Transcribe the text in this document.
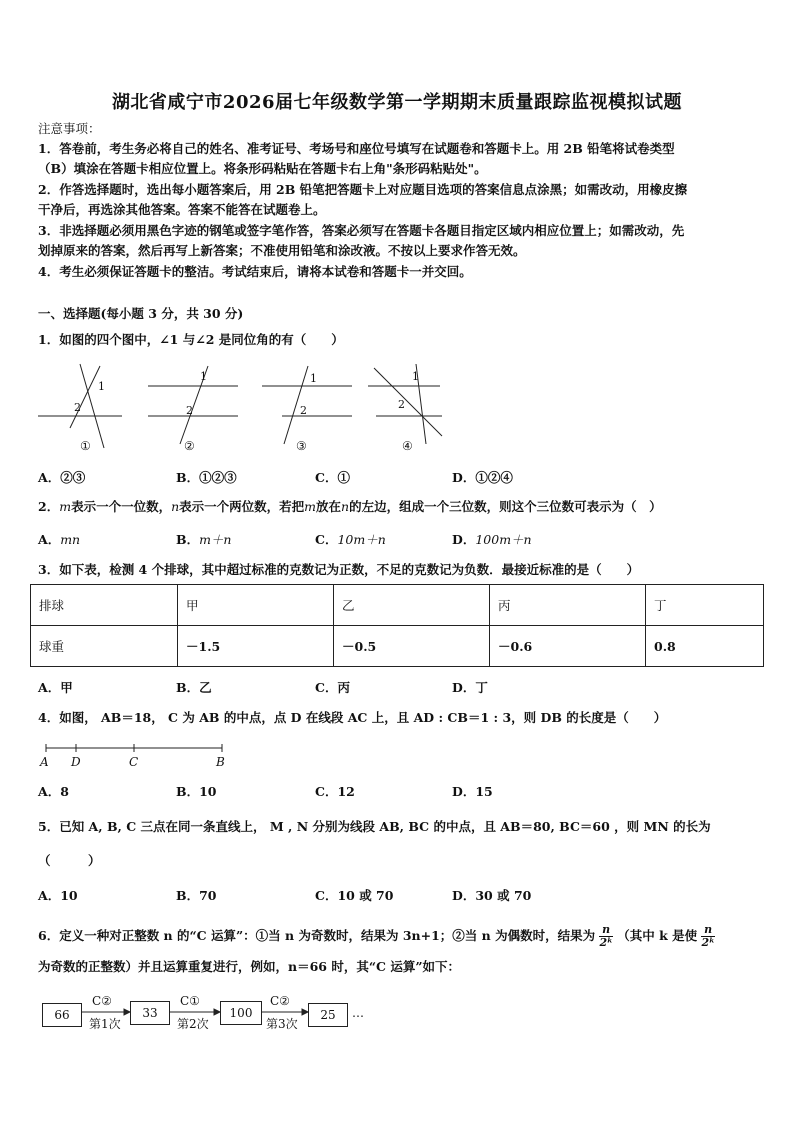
湖北省咸宁市2026届七年级数学第一学期期末质量跟踪监视模拟试题
注意事项：
1．答卷前，考生务必将自己的姓名、准考证号、考场号和座位号填写在试题卷和答题卡上。用 2B 铅笔将试卷类型
（B）填涂在答题卡相应位置上。将条形码粘贴在答题卡右上角"条形码粘贴处"。
2．作答选择题时，选出每小题答案后，用 2B 铅笔把答题卡上对应题目选项的答案信息点涂黑；如需改动，用橡皮擦
干净后，再选涂其他答案。答案不能答在试题卷上。
3．非选择题必须用黑色字迹的钢笔或签字笔作答，答案必须写在答题卡各题目指定区域内相应位置上；如需改动，先
划掉原来的答案，然后再写上新答案；不准使用铅笔和涂改液。不按以上要求作答无效。
4．考生必须保证答题卡的整洁。考试结束后，请将本试卷和答题卡一并交回。
一、选择题(每小题 3 分，共 30 分)
1．如图的四个图中，∠1 与∠2 是同位角的有（　　）
1
2
1
2
1
2
1
2
①	②	③	④
A．②③	B．①②③	C．①	D．①②④
2．m表示一个一位数，n表示一个两位数，若把m放在n的左边，组成一个三位数，则这个三位数可表示为（　）
A．mn	B．m＋n	C．10m＋n	D．100m＋n
3．如下表，检测 4 个排球，其中超过标准的克数记为正数，不足的克数记为负数．最接近标准的是（　　）
排球	甲	乙	丙	丁
球重	－1.5	－0.5	－0.6	0.8
A．甲	B．乙	C．丙	D．丁
4．如图， AB＝18， C 为 AB 的中点，点 D 在线段 AC 上，且 AD : CB＝1 : 3，则 DB 的长度是（　　）
A D	C	B
A．8	B．10	C．12	D．15
5．已知 A, B, C 三点在同一条直线上， M , N 分别为线段 AB, BC 的中点，且 AB＝80, BC＝60 ，则 MN 的长为
（　　　）
A．10	B．70	C．10 或 70	D．30 或 70
6．定义一种对正整数 n 的“C 运算”：①当 n 为奇数时，结果为 3n+1；②当 n 为偶数时，结果为 $\frac{n}{\text{2ᵏ}}$ （其中 k 是使 $\frac{n}{\text{2ᵏ}}$
为奇数的正整数）并且运算重复进行，例如，n＝66 时，其“C 运算”如下：
66	33	100	25
C②	C①	C②
第1次	第2次	第3次
…
